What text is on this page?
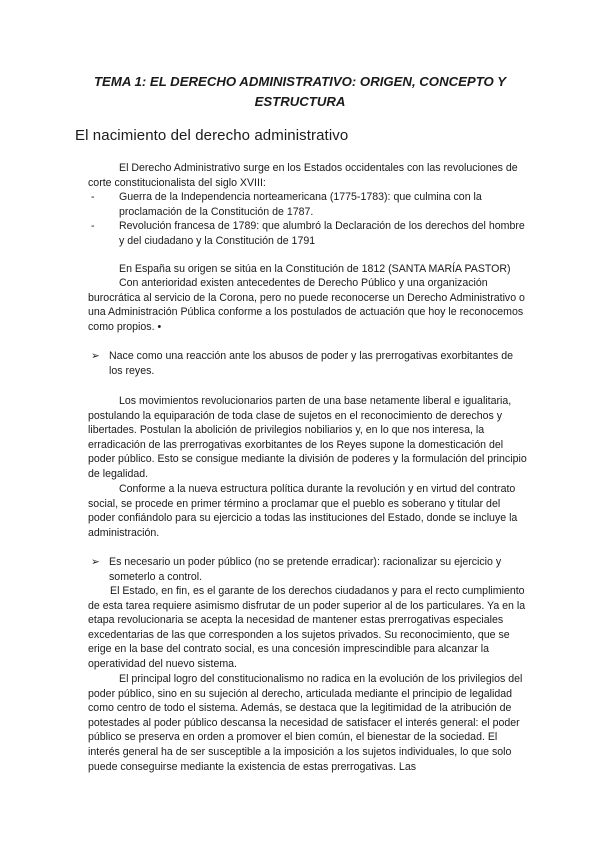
TEMA 1: EL DERECHO ADMINISTRATIVO: ORIGEN, CONCEPTO Y ESTRUCTURA
El nacimiento del derecho administrativo

El Derecho Administrativo surge en los Estados occidentales con las revoluciones de corte constitucionalista del siglo XVIII:

- Guerra de la Independencia norteamericana (1775-1783): que culmina con la proclamación de la Constitución de 1787.
- Revolución francesa de 1789: que alumbró la Declaración de los derechos del hombre y del ciudadano y la Constitución de 1791

En España su origen se sitúa en la Constitución de 1812 (SANTA MARÍA PASTOR)

Con anterioridad existen antecedentes de Derecho Público y una organización burocrática al servicio de la Corona, pero no puede reconocerse un Derecho Administrativo o una Administración Pública conforme a los postulados de actuación que hoy le reconocemos como propios. •

➢ Nace como una reacción ante los abusos de poder y las prerrogativas exorbitantes de los reyes.

Los movimientos revolucionarios parten de una base netamente liberal e igualitaria, postulando la equiparación de toda clase de sujetos en el reconocimiento de derechos y libertades. Postulan la abolición de privilegios nobiliarios y, en lo que nos interesa, la erradicación de las prerrogativas exorbitantes de los Reyes supone la domesticación del poder público. Esto se consigue mediante la división de poderes y la formulación del principio de legalidad.

Conforme a la nueva estructura política durante la revolución y en virtud del contrato social, se procede en primer término a proclamar que el pueblo es soberano y titular del poder confiándolo para su ejercicio a todas las instituciones del Estado, donde se incluye la administración.

➢ Es necesario un poder público (no se pretende erradicar): racionalizar su ejercicio y someterlo a control.

El Estado, en fin, es el garante de los derechos ciudadanos y para el recto cumplimiento de esta tarea requiere asimismo disfrutar de un poder superior al de los particulares. Ya en la etapa revolucionaria se acepta la necesidad de mantener estas prerrogativas especiales excedentarias de las que corresponden a los sujetos privados. Su reconocimiento, que se erige en la base del contrato social, es una concesión imprescindible para alcanzar la operatividad del nuevo sistema.

El principal logro del constitucionalismo no radica en la evolución de los privilegios del poder público, sino en su sujeción al derecho, articulada mediante el principio de legalidad como centro de todo el sistema. Además, se destaca que la legitimidad de la atribución de potestades al poder público descansa la necesidad de satisfacer el interés general: el poder público se preserva en orden a promover el bien común, el bienestar de la sociedad. El interés general ha de ser susceptible a la imposición a los sujetos individuales, lo que solo puede conseguirse mediante la existencia de estas prerrogativas. Las
